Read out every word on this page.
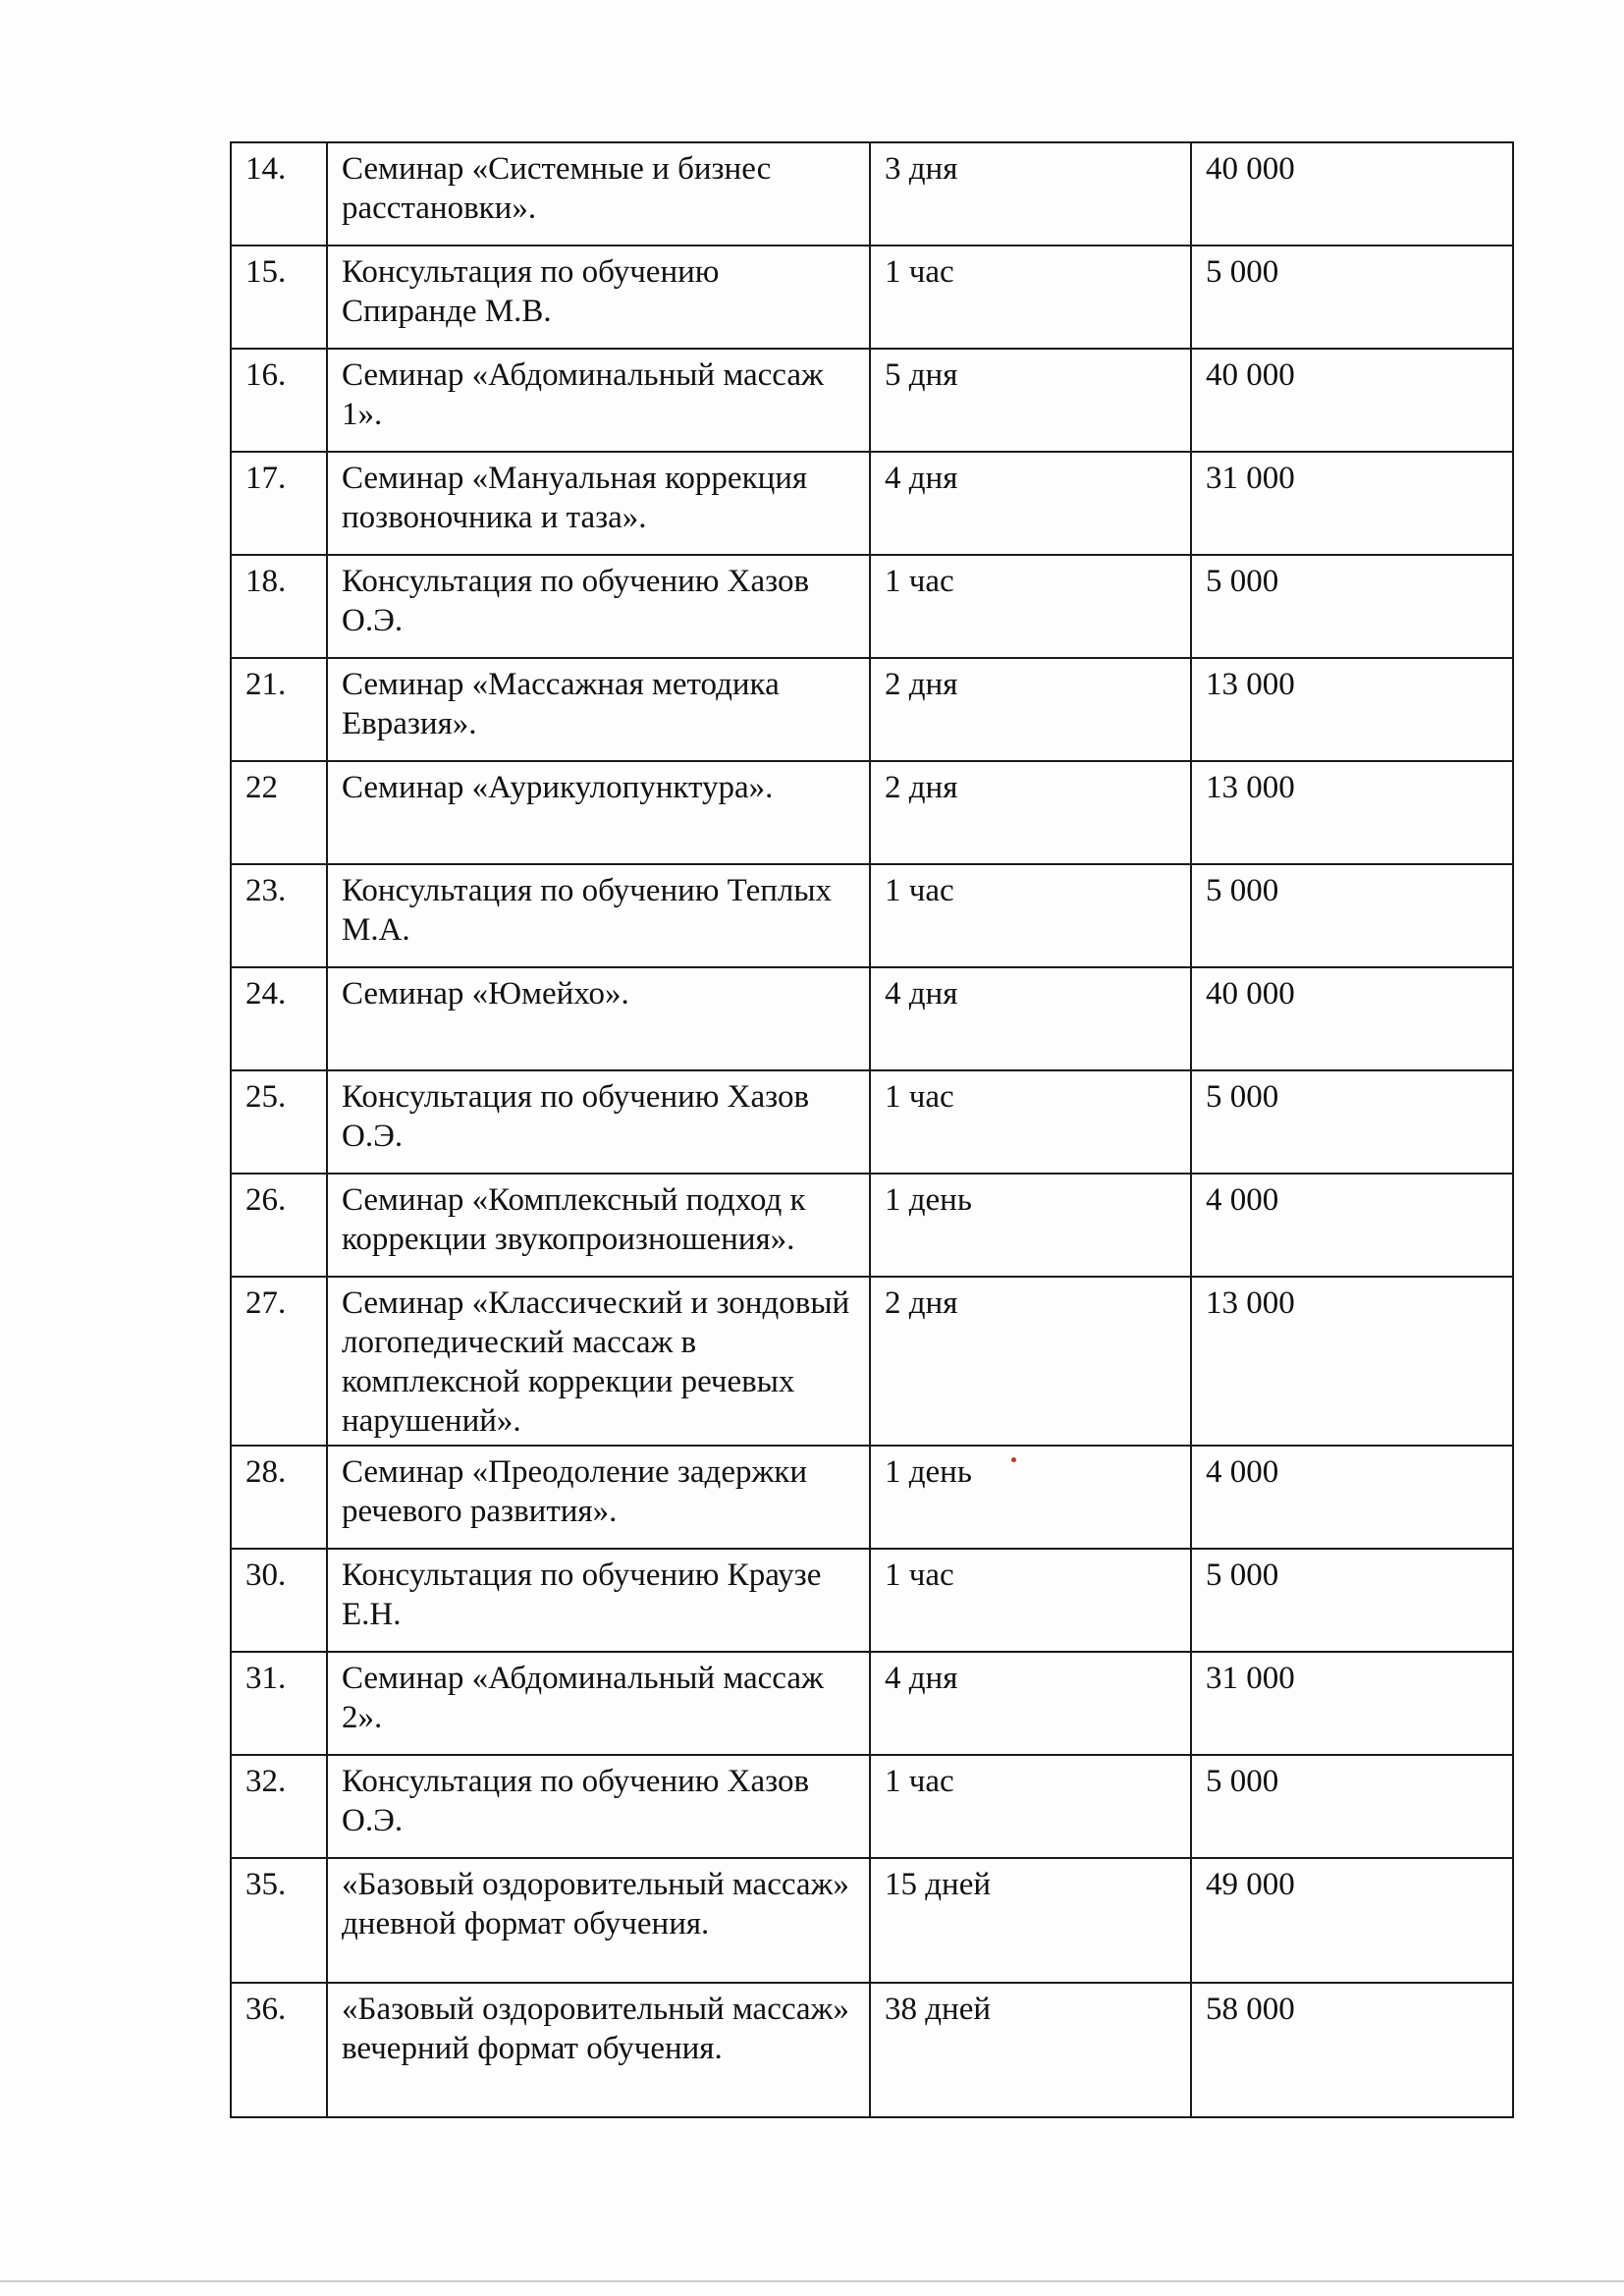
14.	Семинар «Системные и бизнес расстановки».	3 дня	40 000
15.	Консультация по обучению Спиранде М.В.	1 час	5 000
16.	Семинар «Абдоминальный массаж 1».	5 дня	40 000
17.	Семинар «Мануальная коррекция позвоночника и таза».	4 дня	31 000
18.	Консультация по обучению Хазов О.Э.	1 час	5 000
21.	Семинар «Массажная методика Евразия».	2 дня	13 000
22	Семинар «Аурикулопунктура».	2 дня	13 000
23.	Консультация по обучению Теплых М.А.	1 час	5 000
24.	Семинар «Юмейхо».	4 дня	40 000
25.	Консультация по обучению Хазов О.Э.	1 час	5 000
26.	Семинар «Комплексный подход к коррекции звукопроизношения».	1 день	4 000
27.	Семинар «Классический и зондовый логопедический массаж в комплексной коррекции речевых нарушений».	2 дня	13 000
28.	Семинар «Преодоление задержки речевого развития».	1 день	4 000
30.	Консультация по обучению Краузе Е.Н.	1 час	5 000
31.	Семинар «Абдоминальный массаж 2».	4 дня	31 000
32.	Консультация по обучению Хазов О.Э.	1 час	5 000
35.	«Базовый оздоровительный массаж» дневной формат обучения.	15 дней	49 000
36.	«Базовый оздоровительный массаж» вечерний формат обучения.	38 дней	58 000
